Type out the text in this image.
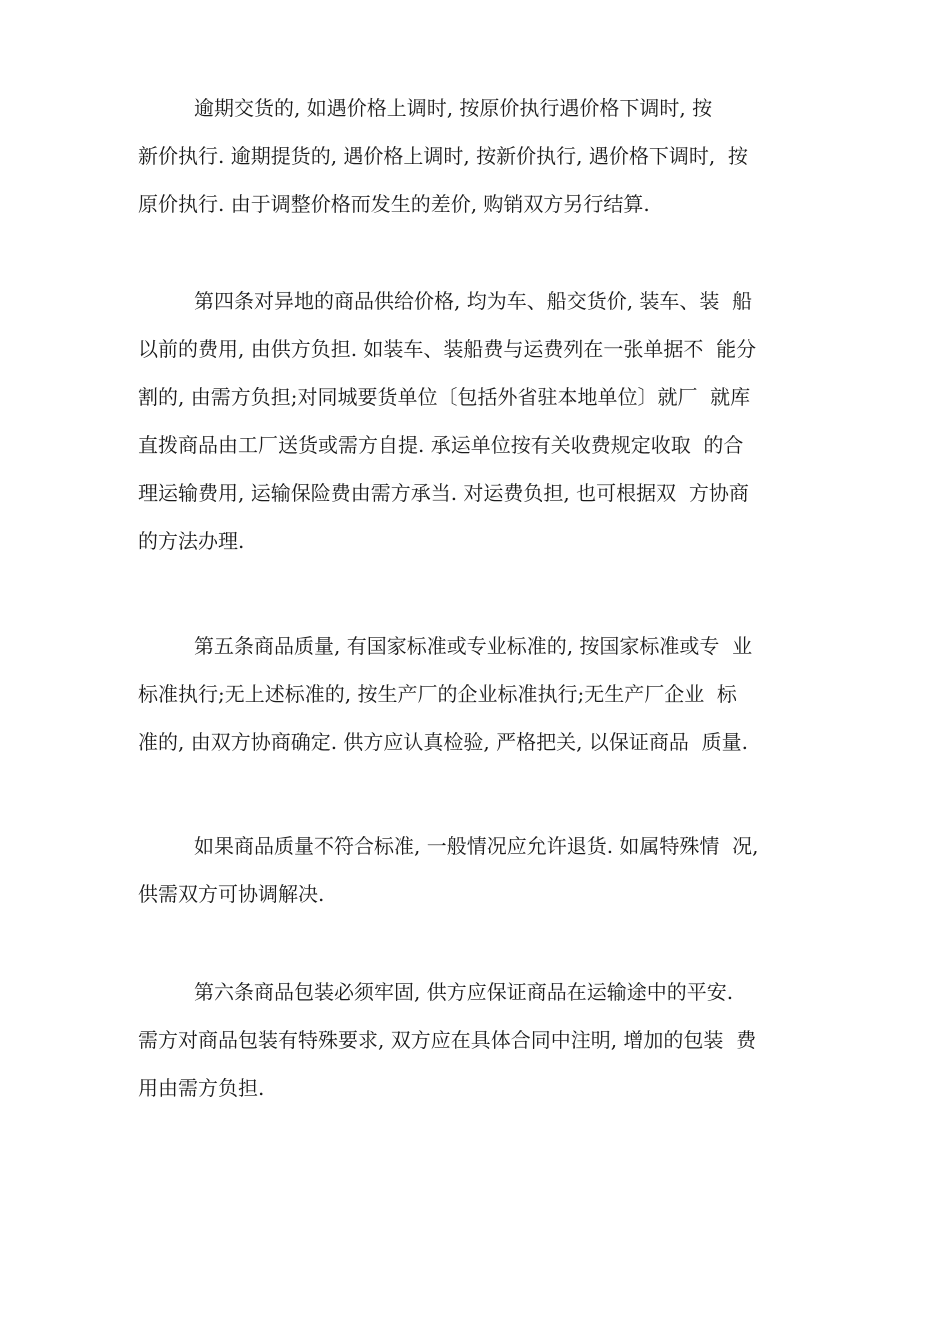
逾期交货的, 如遇价格上调时, 按原价执行遇价格下调时, 按
新价执行. 逾期提货的, 遇价格上调时, 按新价执行, 遇价格下调时,  按
原价执行. 由于调整价格而发生的差价, 购销双方另行结算.
第四条对异地的商品供给价格, 均为车、船交货价, 装车、装  船
以前的费用, 由供方负担. 如装车、装船费与运费列在一张单据不  能分
割的, 由需方负担;对同城要货单位〔包括外省驻本地单位〕就厂  就库
直拨商品由工厂送货或需方自提. 承运单位按有关收费规定收取  的合
理运输费用, 运输保险费由需方承当. 对运费负担, 也可根据双  方协商
的方法办理.
第五条商品质量, 有国家标准或专业标准的, 按国家标准或专  业
标准执行;无上述标准的, 按生产厂的企业标准执行;无生产厂企业  标
准的, 由双方协商确定. 供方应认真检验, 严格把关, 以保证商品  质量.
如果商品质量不符合标准, 一般情况应允许退货. 如属特殊情  况,
供需双方可协调解决.
第六条商品包装必须牢固, 供方应保证商品在运输途中的平安.
需方对商品包装有特殊要求, 双方应在具体合同中注明, 增加的包装  费
用由需方负担.
